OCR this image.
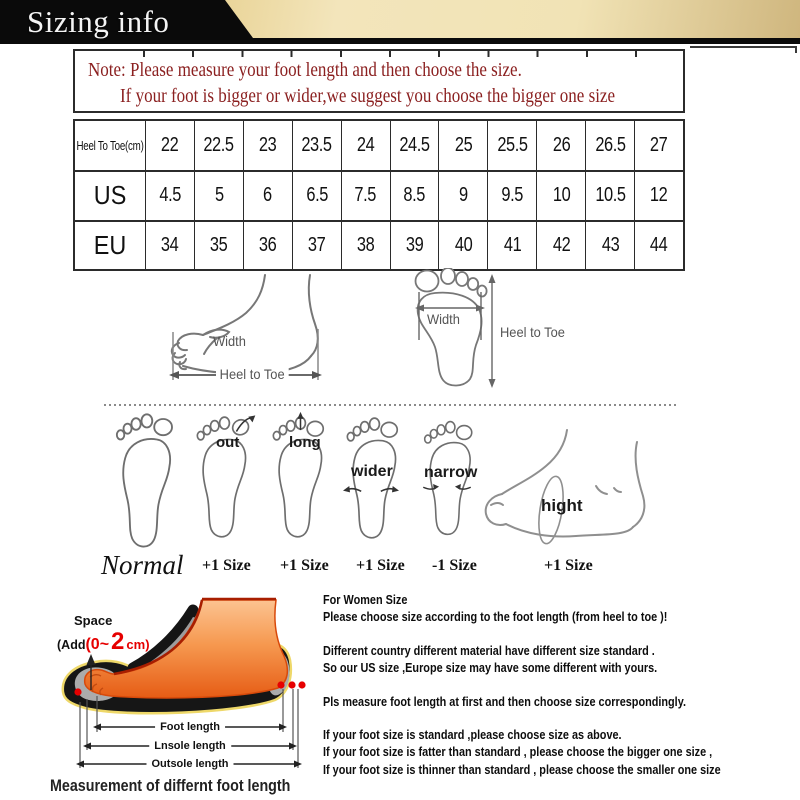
Sizing info
Note: Please measure your foot length and then choose the size.
If your foot is bigger or wider,we suggest you choose the bigger one size
Heel To Toe(cm) 22 22.5 23 23.5 24 24.5 25 25.5 26 26.5 27
US 4.5 5 6 6.5 7.5 8.5 9 9.5 10 10.5 12
EU 34 35 36 37 38 39 40 41 42 43 44
Width
Heel to Toe
Width
Heel to Toe
out	long
wider narrow
hight
Normal +1 Size +1 Size +1 Size -1 Size	+1 Size
Space
(Add (0~ 2 cm)
Foot length
Lnsole length
Outsole length
Measurement of differnt foot length
For Women Size
Please choose size according to the foot length (from heel to toe )!
Different country different material have different size standard .
So our US size ,Europe size may have some different with yours.
Pls measure foot length at first and then choose size correspondingly.
If your foot size is standard ,please choose size as above.
If your foot size is fatter than standard , please choose the bigger one size ,
If your foot size is thinner than standard , please choose the smaller one size
